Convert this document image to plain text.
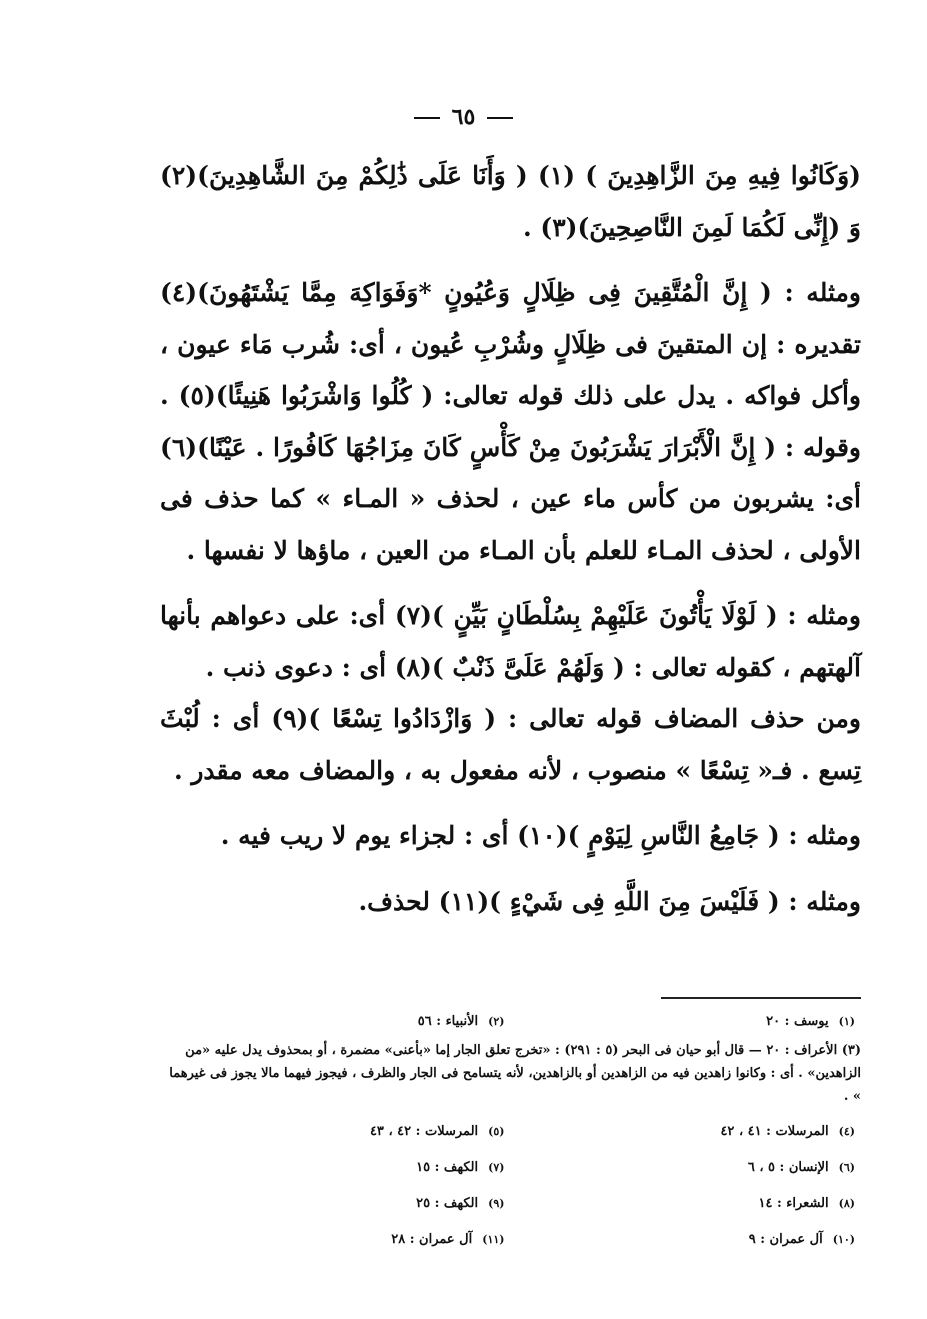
٦٥

(وَكَانُوا فِيهِ مِنَ الزَّاهِدِينَ ) (١) ( وَأَنَا عَلَى ذَٰلِكُمْ مِنَ الشَّاهِدِينَ)(٢) وَ (إِنِّى لَكُمَا لَمِنَ النَّاصِحِينَ)(٣) .

ومثله : ( إِنَّ الْمُتَّقِينَ فِى ظِلَالٍ وَعُيُونٍ *وَفَوَاكِهَ مِمَّا يَشْتَهُونَ)(٤) تقديره : إن المتقينَ فى ظِلَالٍ وشُرْبِ عُيون ، أى: شُرب مَاء عيون ، وأكل فواكه . يدل على ذلك قوله تعالى: ( كُلُوا وَاشْرَبُوا هَنِيئًا)(٥) . وقوله : ( إِنَّ الْأَبْرَارَ يَشْرَبُونَ مِنْ كَأْسٍ كَانَ مِزَاجُهَا كَافُورًا . عَيْنًا)(٦) أى: يشربون من كأس ماء عين ، لحذف « المـاء » كما حذف فى الأولى ، لحذف المـاء للعلم بأن المـاء من العين ، ماؤها لا نفسها .

ومثله : ( لَوْلَا يَأْتُونَ عَلَيْهِمْ بِسُلْطَانٍ بَيِّنٍ )(٧) أى: على دعواهم بأنها آلهتهم ، كقوله تعالى : ( وَلَهُمْ عَلَىَّ ذَنْبٌ )(٨) أى : دعوى ذنب .

ومن حذف المضاف قوله تعالى : ( وَازْدَادُوا تِسْعًا )(٩) أى : لُبْثَ تِسع . فـ« تِسْعًا » منصوب ، لأنه مفعول به ، والمضاف معه مقدر .

ومثله : ( جَامِعُ النَّاسِ لِيَوْمٍ )(١٠) أى : لجزاء يوم لا ريب فيه .

ومثله : ( فَلَيْسَ مِنَ اللَّهِ فِى شَيْءٍ )(١١) لحذف.

(١)يوسف : ٢٠
(٢)الأنبياء : ٥٦
(٣) الأعراف : ٢٠ — قال أبو حيان فى البحر (٥ : ٢٩١) : «تخرج تعلق الجار إما «بأعنى» مضمرة ، أو بمحذوف يدل عليه «من الزاهدين» . أى : وكانوا زاهدين فيه من الزاهدين أو بالزاهدين، لأنه يتسامح فى الجار والظرف ، فيجوز فيهما مالا يجوز فى غيرهما » .
(٤)المرسلات : ٤١ ، ٤٢
(٥)المرسلات : ٤٢ ، ٤٣
(٦)الإنسان : ٥ ، ٦
(٧)الكهف : ١٥
(٨)الشعراء : ١٤
(٩)الكهف : ٢٥
(١٠)آل عمران : ٩
(١١)آل عمران : ٢٨
